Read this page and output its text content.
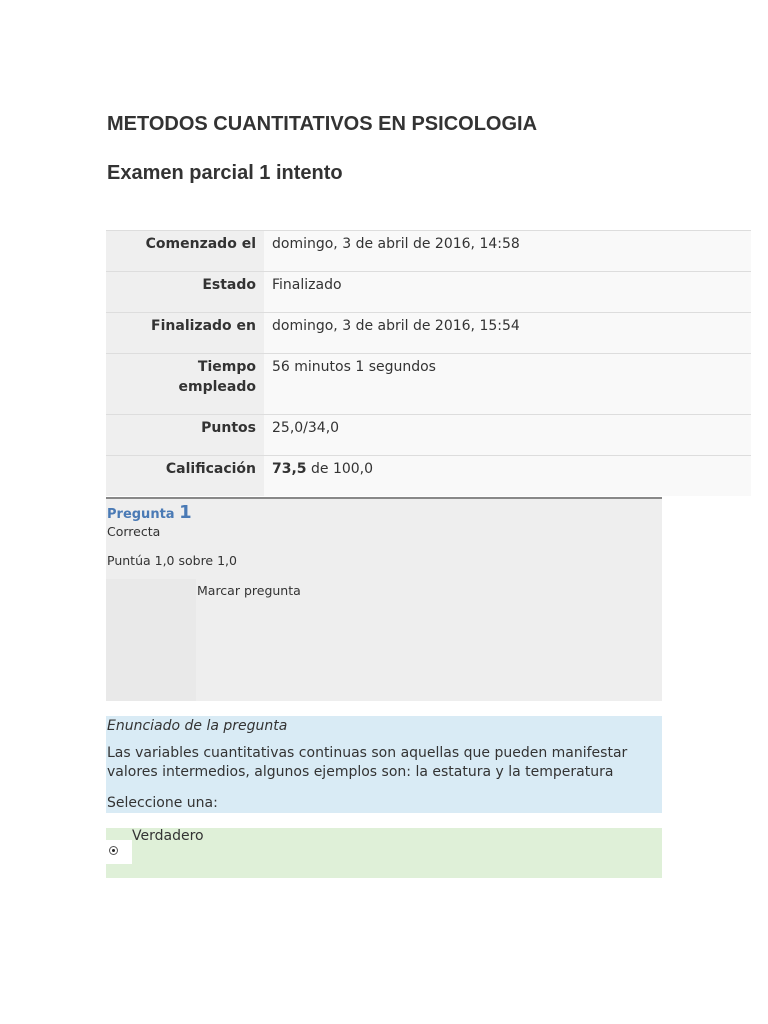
METODOS CUANTITATIVOS EN PSICOLOGIA
Examen parcial 1 intento
Comenzado el	domingo, 3 de abril de 2016, 14:58

Estado	Finalizado

Finalizado en	domingo, 3 de abril de 2016, 15:54

Tiempo empleado	56 minutos 1 segundos

Puntos	25,0/34,0

Calificación	73,5 de 100,0
Pregunta 1
Correcta
Puntúa 1,0 sobre 1,0
Marcar pregunta
Enunciado de la pregunta
Las variables cuantitativas continuas son aquellas que pueden manifestar valores intermedios, algunos ejemplos son: la estatura y la temperatura
Seleccione una:
Verdadero
